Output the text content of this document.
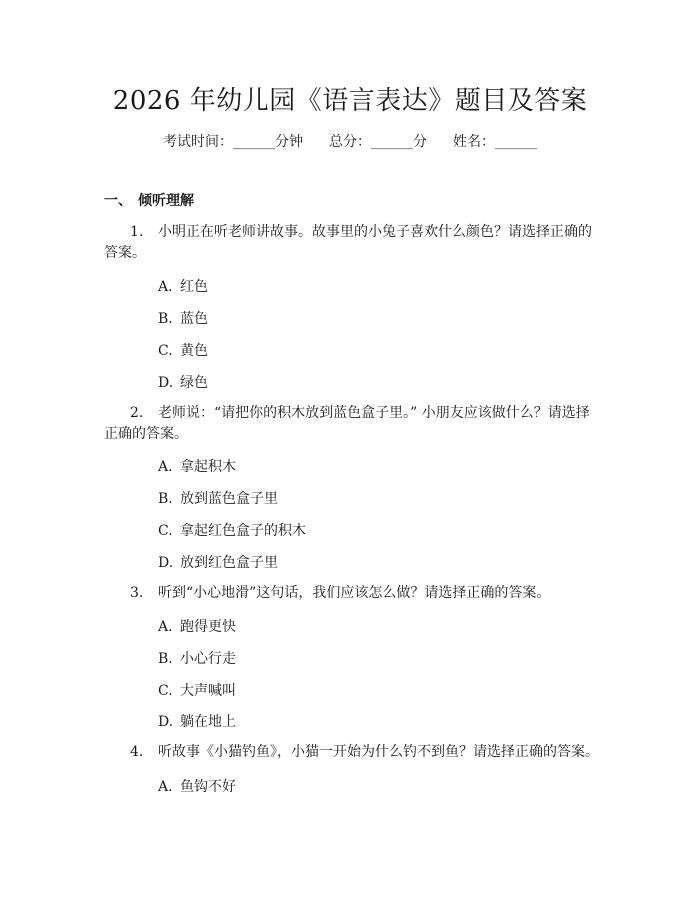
2026 年幼儿园《语言表达》题目及答案
考试时间：______分钟 总分：______分 姓名：______
一、 倾听理解
1. 小明正在听老师讲故事。故事里的小兔子喜欢什么颜色？请选择正确的答案。
A. 红色
B. 蓝色
C. 黄色
D. 绿色
2. 老师说：“请把你的积木放到蓝色盒子里。” 小朋友应该做什么？请选择正确的答案。
A. 拿起积木
B. 放到蓝色盒子里
C. 拿起红色盒子的积木
D. 放到红色盒子里
3. 听到“小心地滑”这句话，我们应该怎么做？请选择正确的答案。
A. 跑得更快
B. 小心行走
C. 大声喊叫
D. 躺在地上
4. 听故事《小猫钓鱼》，小猫一开始为什么钓不到鱼？请选择正确的答案。
A. 鱼钩不好
